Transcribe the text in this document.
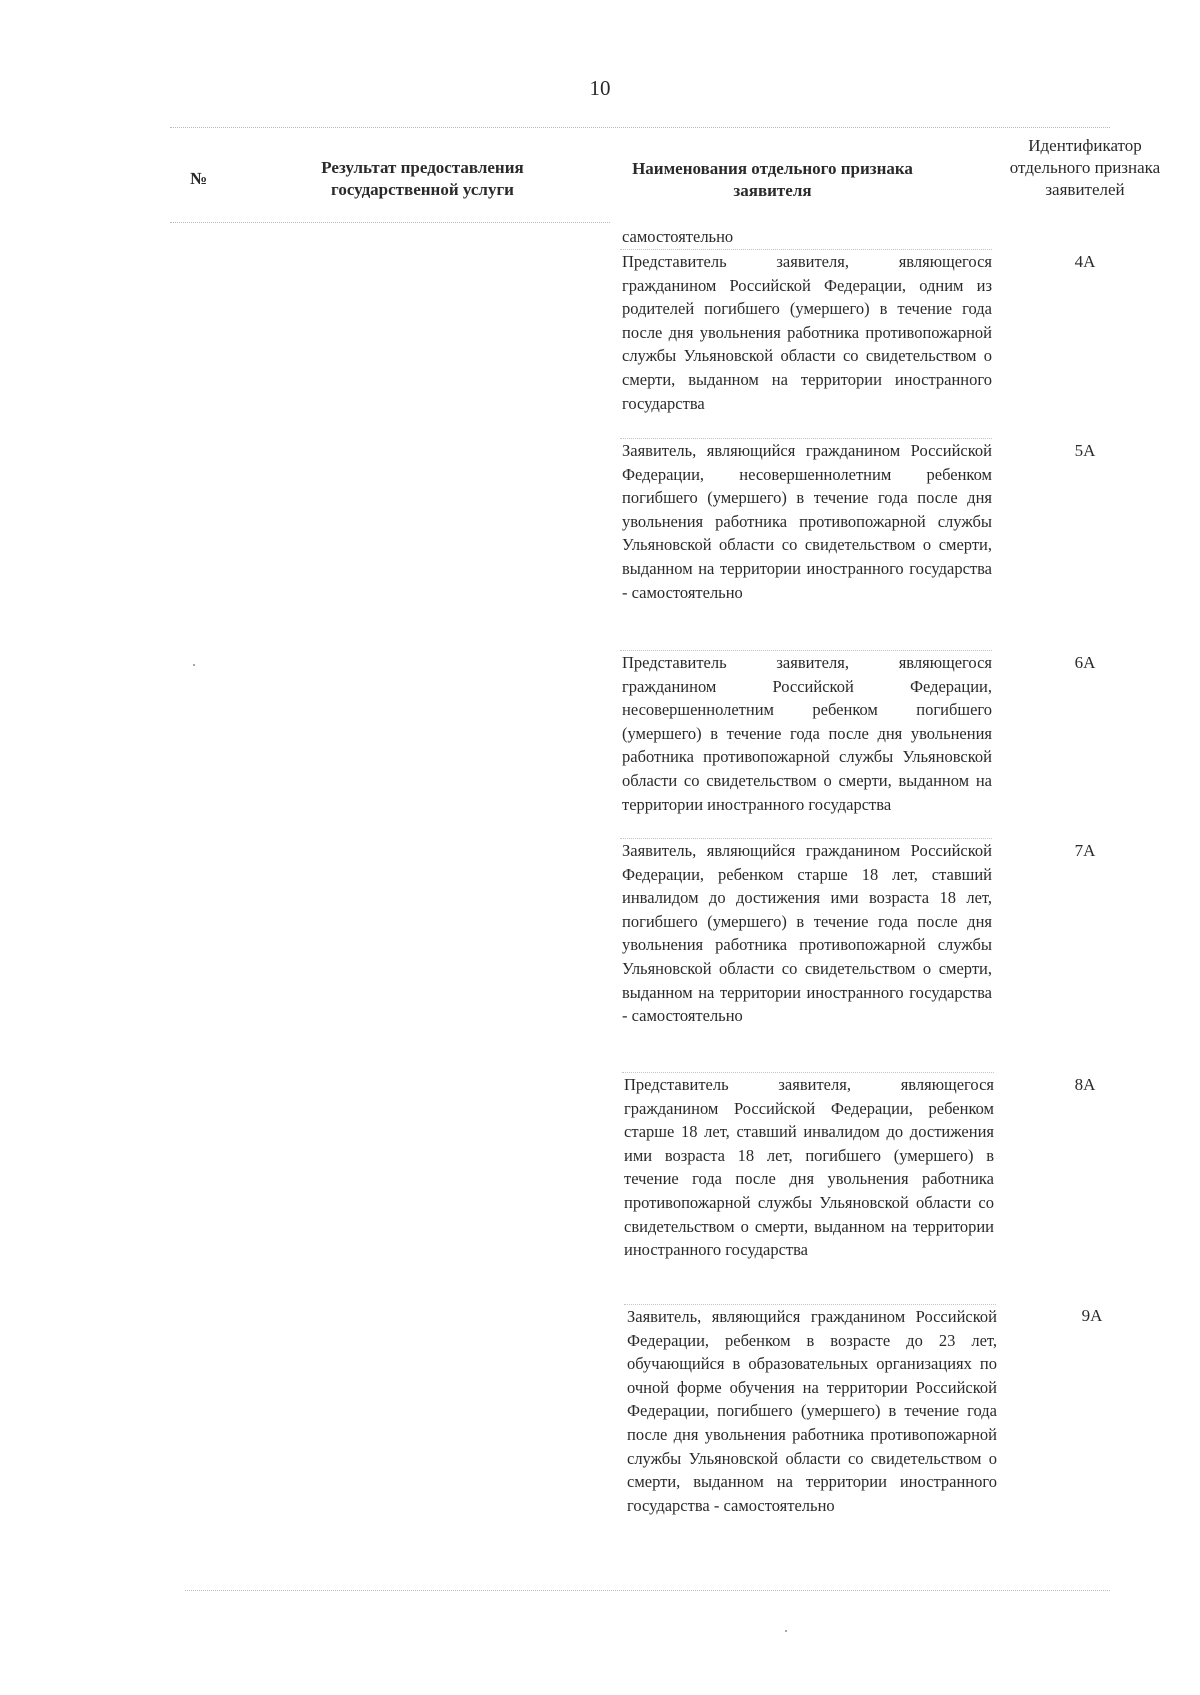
10
№
Результат предоставления государственной услуги
Наименования отдельного признака заявителя
Идентификатор отдельного признака заявителей
самостоятельно
Представитель заявителя, являющегося гражданином Российской Федерации, одним из родителей погибшего (умершего) в течение года после дня увольнения работника противопожарной службы Ульяновской области со свидетельством о смерти, выданном на территории иностранного государства
4А
Заявитель, являющийся гражданином Российской Федерации, несовершеннолетним ребенком погибшего (умершего) в течение года после дня увольнения работника противопожарной службы Ульяновской области со свидетельством о смерти, выданном на территории иностранного государства - самостоятельно
5А
Представитель заявителя, являющегося гражданином Российской Федерации, несовершеннолетним ребенком погибшего (умершего) в течение года после дня увольнения работника противопожарной службы Ульяновской области со свидетельством о смерти, выданном на территории иностранного государства
6А
Заявитель, являющийся гражданином Российской Федерации, ребенком старше 18 лет, ставший инвалидом до достижения ими возраста 18 лет, погибшего (умершего) в течение года после дня увольнения работника противопожарной службы Ульяновской области со свидетельством о смерти, выданном на территории иностранного государства - самостоятельно
7А
Представитель заявителя, являющегося гражданином Российской Федерации, ребенком старше 18 лет, ставший инвалидом до достижения ими возраста 18 лет, погибшего (умершего) в течение года после дня увольнения работника противопожарной службы Ульяновской области со свидетельством о смерти, выданном на территории иностранного государства
8А
Заявитель, являющийся гражданином Российской Федерации, ребенком в возрасте до 23 лет, обучающийся в образовательных организациях по очной форме обучения на территории Российской Федерации, погибшего (умершего) в течение года после дня увольнения работника противопожарной службы Ульяновской области со свидетельством о смерти, выданном на территории иностранного государства - самостоятельно
9А
